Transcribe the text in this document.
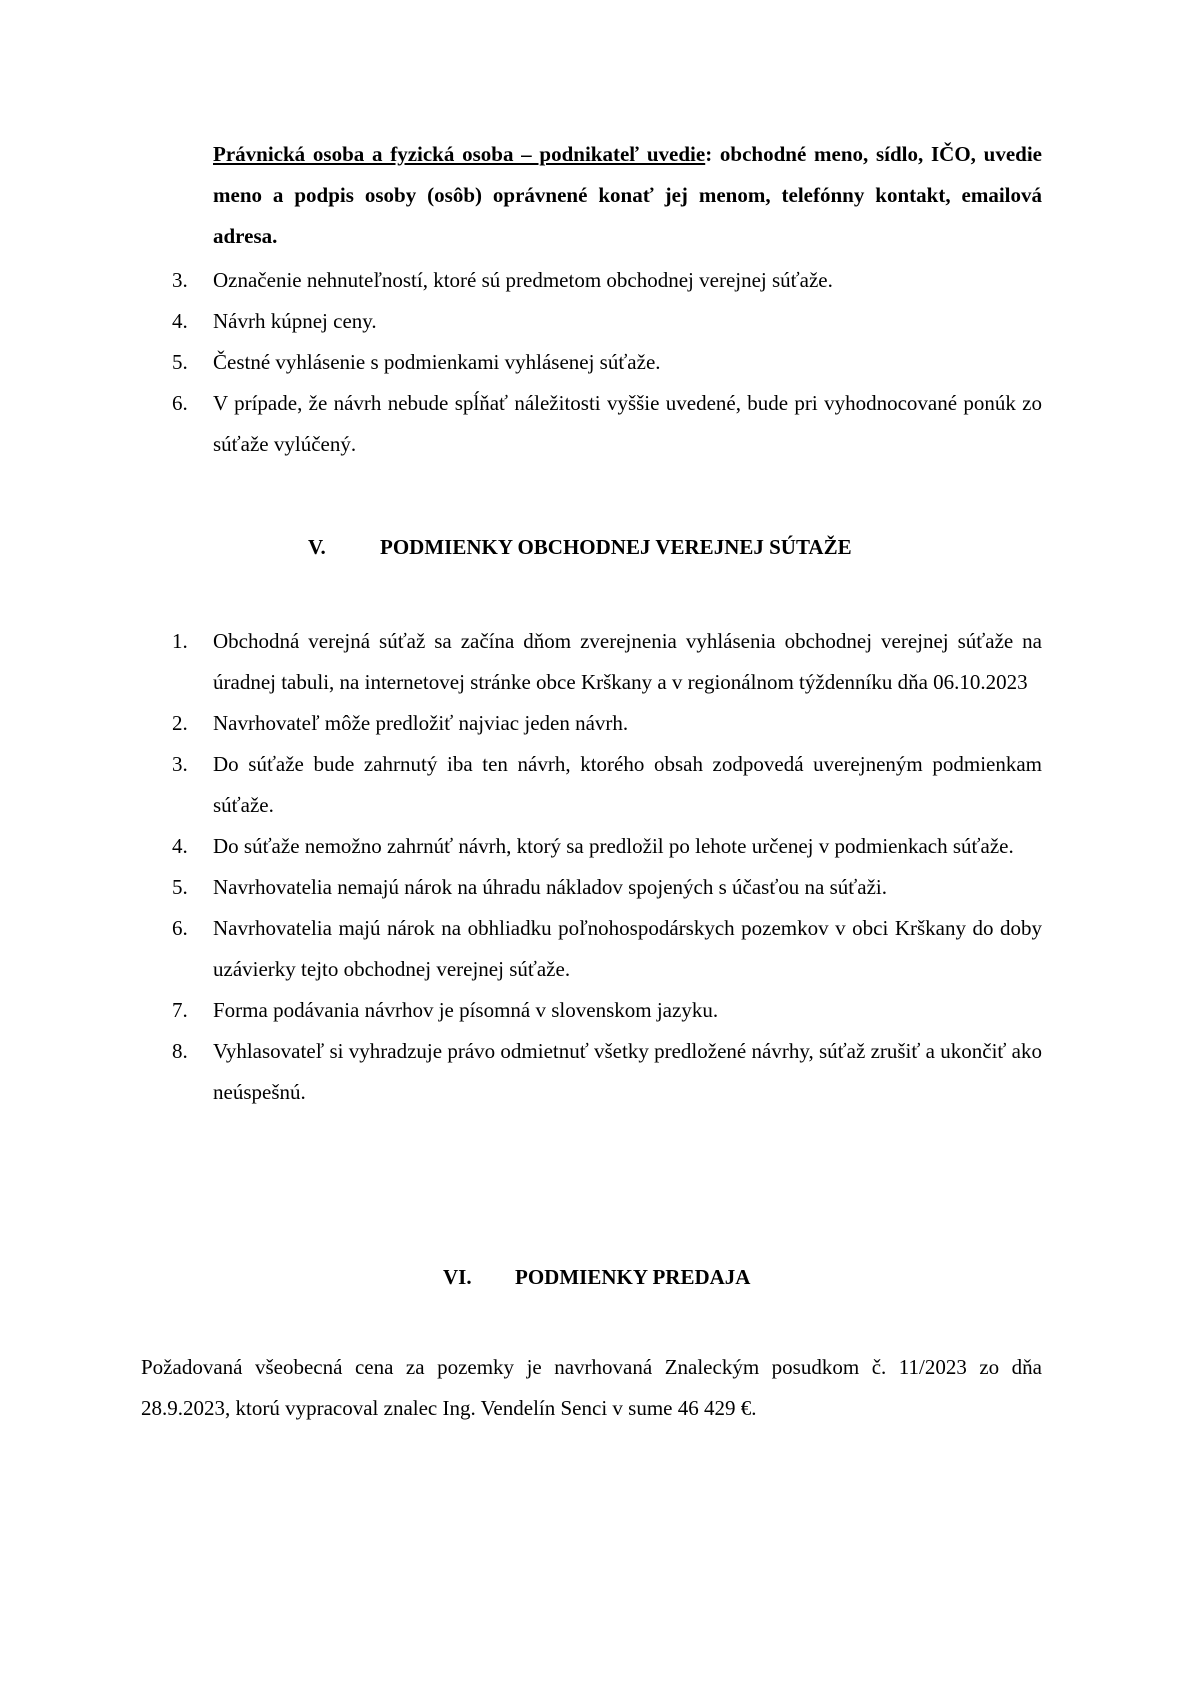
Právnická osoba a fyzická osoba – podnikateľ uvedie: obchodné meno, sídlo, IČO, uvedie meno a podpis osoby (osôb) oprávnené konať jej menom, telefónny kontakt, emailová adresa.
3.	Označenie nehnuteľností, ktoré sú predmetom obchodnej verejnej súťaže.
4.	Návrh kúpnej ceny.
5.	Čestné vyhlásenie s podmienkami vyhlásenej súťaže.
6.	V prípade, že návrh nebude spĺňať náležitosti vyššie uvedené, bude pri vyhodnocované ponúk zo súťaže vylúčený.
V.	PODMIENKY OBCHODNEJ VEREJNEJ SÚTAŽE
1.	Obchodná verejná súťaž sa začína dňom zverejnenia vyhlásenia obchodnej verejnej súťaže na úradnej tabuli, na internetovej stránke obce Krškany a v regionálnom týždenníku dňa 06.10.2023
2.	Navrhovateľ môže predložiť najviac jeden návrh.
3.	Do súťaže bude zahrnutý iba ten návrh, ktorého obsah zodpovedá uverejneným podmienkam súťaže.
4.	Do súťaže nemožno zahrnúť návrh, ktorý sa predložil po lehote určenej v podmienkach súťaže.
5.	Navrhovatelia nemajú nárok na úhradu nákladov spojených s účasťou na súťaži.
6.	Navrhovatelia majú nárok na obhliadku poľnohospodárskych pozemkov v obci Krškany do doby uzávierky tejto obchodnej verejnej súťaže.
7.	Forma podávania návrhov je písomná v slovenskom jazyku.
8.	Vyhlasovateľ si vyhradzuje právo odmietnuť všetky predložené návrhy, súťaž zrušiť a ukončiť ako neúspešnú.
VI. PODMIENKY PREDAJA
Požadovaná všeobecná cena za pozemky je navrhovaná Znaleckým posudkom č. 11/2023 zo dňa 28.9.2023, ktorú vypracoval znalec Ing. Vendelín Senci v sume 46 429 €.
